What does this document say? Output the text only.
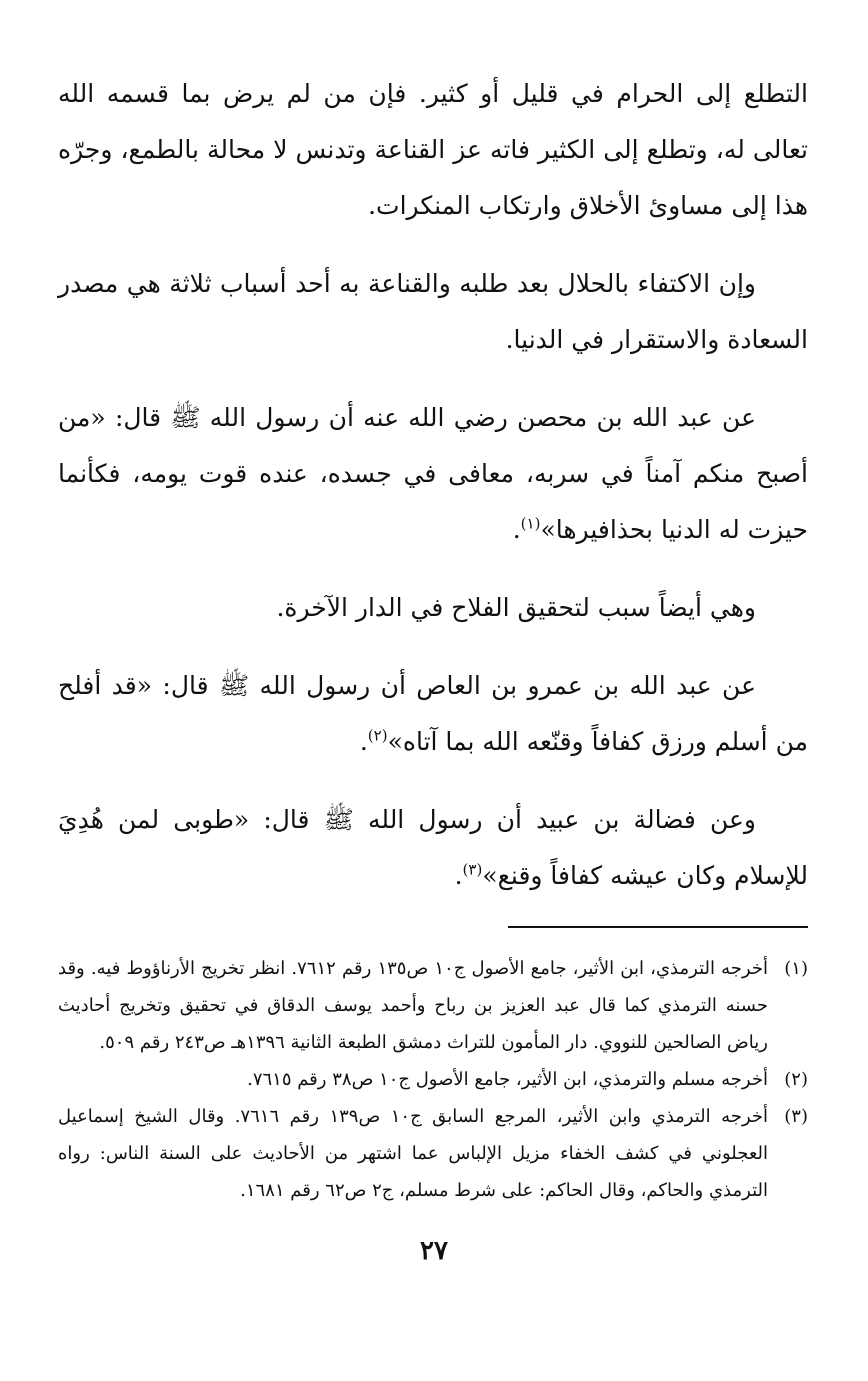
التطلع إلى الحرام في قليل أو كثير. فإن من لم يرض بما قسمه الله تعالى له، وتطلع إلى الكثير فاته عز القناعة وتدنس لا محالة بالطمع، وجرّه هذا إلى مساوئ الأخلاق وارتكاب المنكرات.

وإن الاكتفاء بالحلال بعد طلبه والقناعة به أحد أسباب ثلاثة هي مصدر السعادة والاستقرار في الدنيا.

عن عبد الله بن محصن رضي الله عنه أن رسول الله ﷺ قال: «من أصبح منكم آمناً في سربه، معافى في جسده، عنده قوت يومه، فكأنما حيزت له الدنيا بحذافيرها»$^{(١)}$.

وهي أيضاً سبب لتحقيق الفلاح في الدار الآخرة.

عن عبد الله بن عمرو بن العاص أن رسول الله ﷺ قال: «قد أفلح من أسلم ورزق كفافاً وقنّعه الله بما آتاه»$^{(٢)}$.

وعن فضالة بن عبيد أن رسول الله ﷺ قال: «طوبى لمن هُدِيَ للإسلام وكان عيشه كفافاً وقنع»$^{(٣)}$.

(١)
أخرجه الترمذي، ابن الأثير، جامع الأصول ج١٠ ص١٣٥ رقم ٧٦١٢. انظر تخريج الأرناؤوط فيه. وقد حسنه الترمذي كما قال عبد العزيز بن رباح وأحمد يوسف الدقاق في تحقيق وتخريج أحاديث رياض الصالحين للنووي. دار المأمون للتراث دمشق الطبعة الثانية ١٣٩٦هـ ص٢٤٣ رقم ٥٠٩.

(٢)
أخرجه مسلم والترمذي، ابن الأثير، جامع الأصول ج١٠ ص٣٨ رقم ٧٦١٥.

(٣)
أخرجه الترمذي وابن الأثير، المرجع السابق ج١٠ ص١٣٩ رقم ٧٦١٦. وقال الشيخ إسماعيل العجلوني في كشف الخفاء مزيل الإلباس عما اشتهر من الأحاديث على السنة الناس: رواه الترمذي والحاكم، وقال الحاكم: على شرط مسلم، ج٢ ص٦٢ رقم ١٦٨١.

٢٧
